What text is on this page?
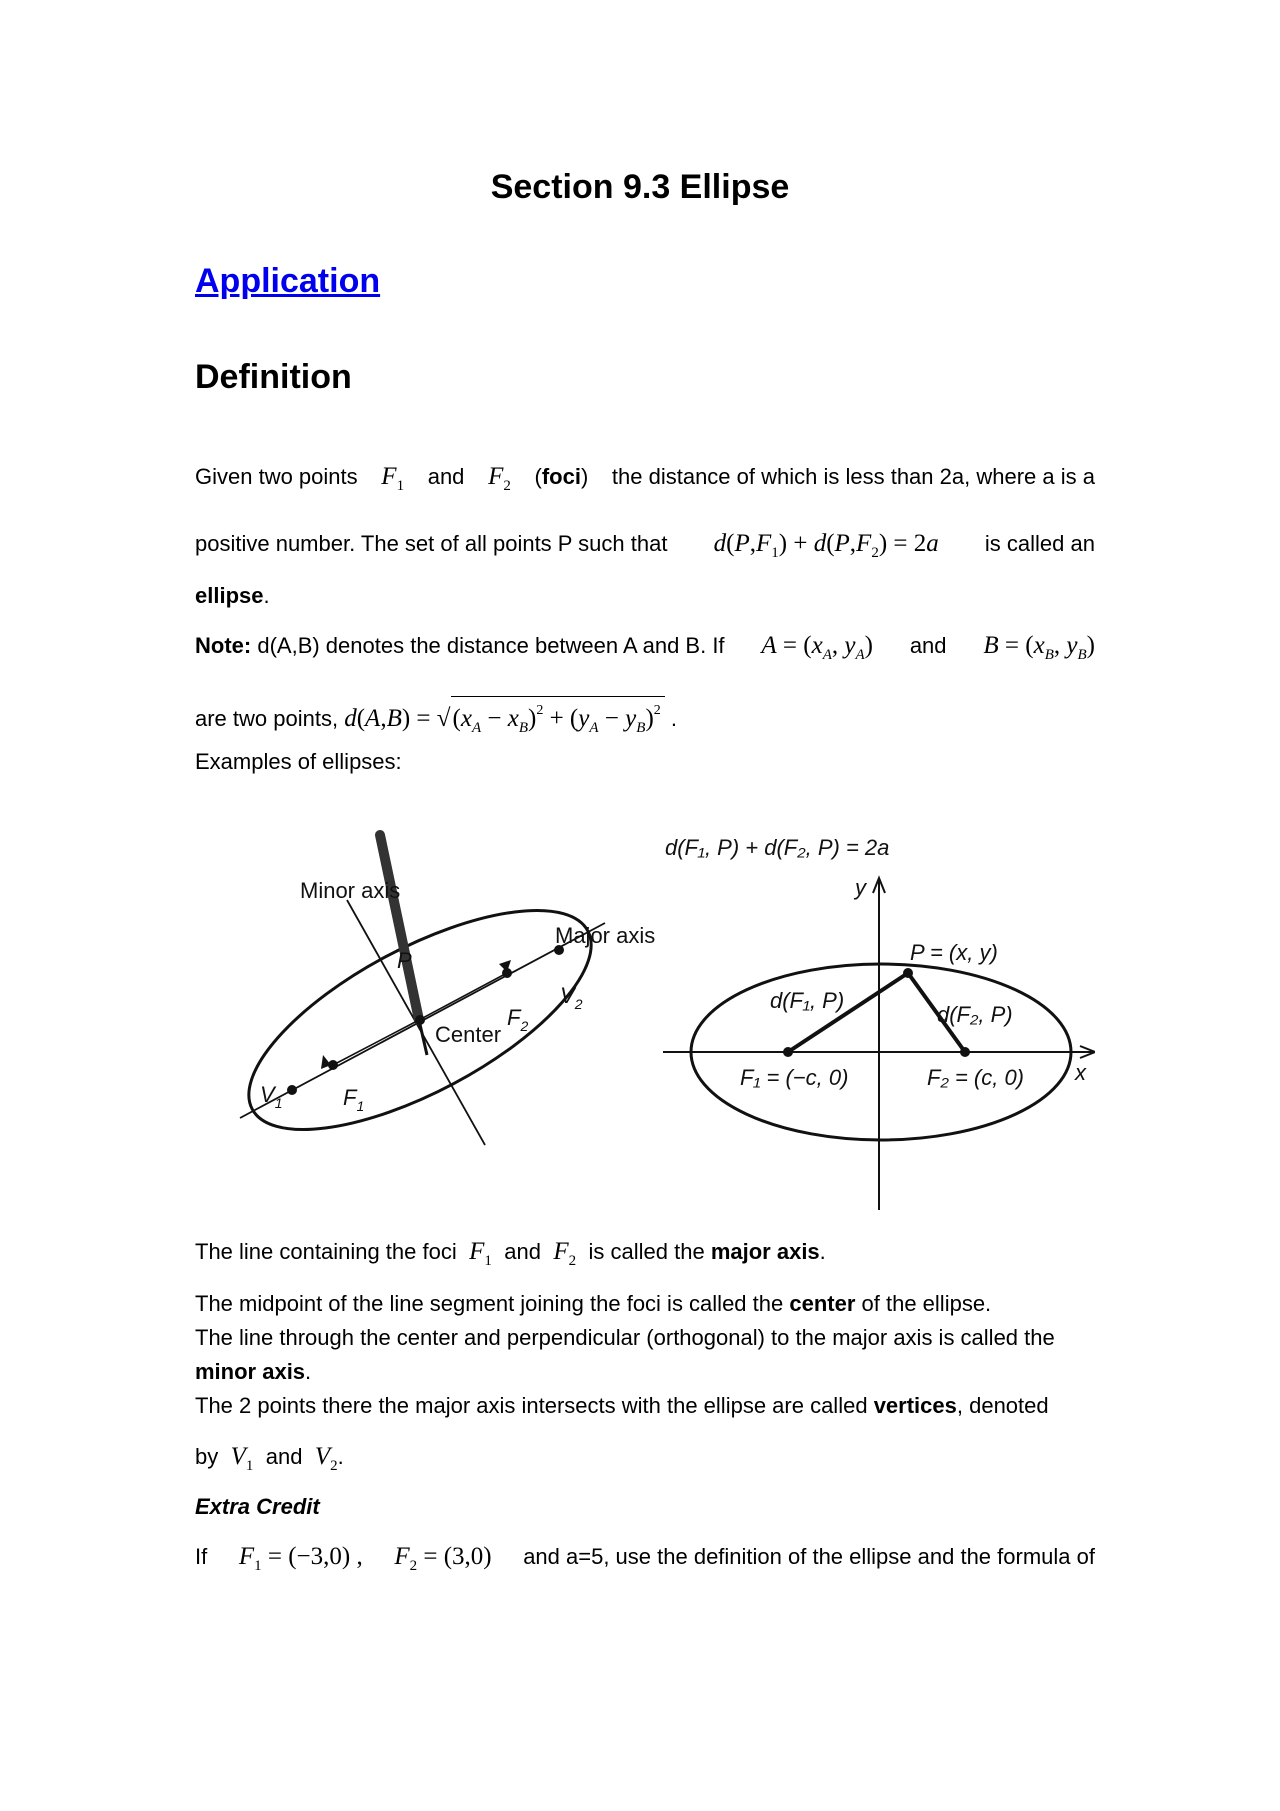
Section 9.3 Ellipse
Application
Definition

Given two points $F_1$ and $F_2$ (foci) the distance of which is less than 2a, where a is a

positive number. The set of all points P such that $d(P,F_1) + d(P,F_2) = 2a$ is called an

ellipse.

Note: d(A,B) denotes the distance between A and B. If $A = (x_A$, $y_A$) and $B = (x_B$, $y_B$)

are two points, $d(A,B) = √(x_A - x_B)^2 + (y_A - y_B)^2$ .

Examples of ellipses:

Minor axis
Major axis
Center
P
$V_1$
$V_2$
$F_1$
$F_2$
d(F₁, P) + d(F₂, P) = 2a
y
x
P = (x, y)
d(F₁, P)
d(F₂, P)
F₁ = (−c, 0)	F₂ = (c, 0)

The line containing the foci  $F_1$ and  $F_2$ is called the major axis.

The midpoint of the line segment joining the foci is called the center of the ellipse.

The line through the center and perpendicular (orthogonal) to the major axis is called the

minor axis.

The 2 points there the major axis intersects with the ellipse are called vertices, denoted

by  $V_1$ and  $V_2$.

Extra Credit

If $F_1 = (-3,0)$ , $F_2 = (3,0)$ and a=5, use the definition of the ellipse and the formula of
